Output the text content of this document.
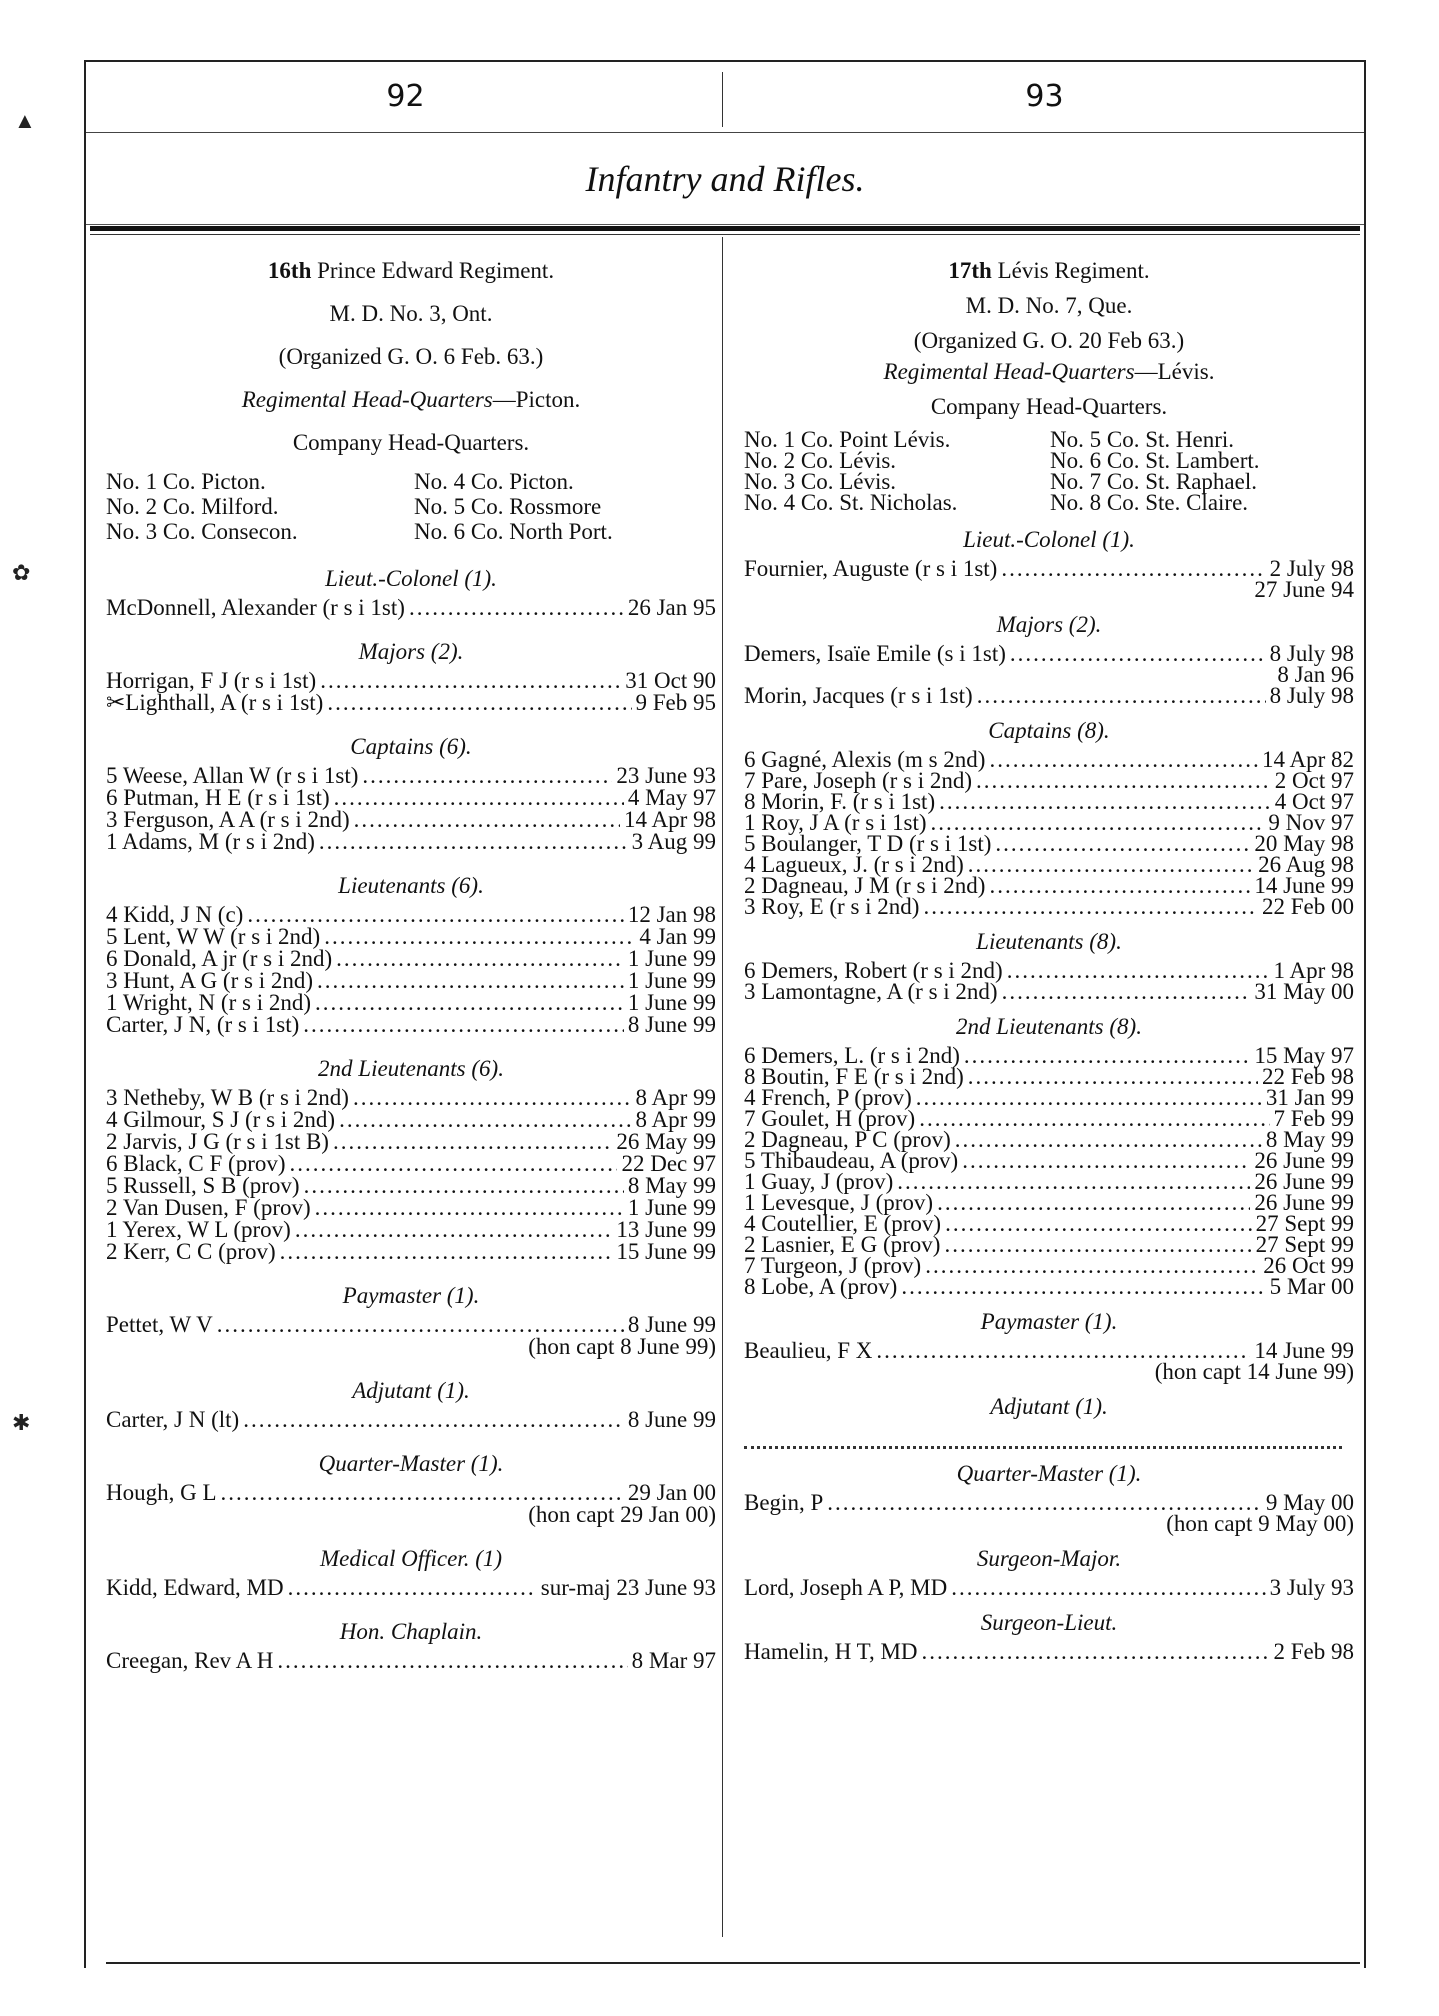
92	93
Infantry and Rifles.
16th Prince Edward Regiment.
M. D. No. 3, Ont.
(Organized G. O. 6 Feb. 63.)
Regimental Head-Quarters—Picton.
Company Head-Quarters.
No. 1 Co. Picton.	No. 4 Co. Picton.
No. 2 Co. Milford.	No. 5 Co. Rossmore
No. 3 Co. Consecon.	No. 6 Co. North Port.
Lieut.-Colonel (1).
McDonnell, Alexander (r s i 1st) .....	26 Jan 95
Majors (2).
Horrigan, F J (r s i 1st) .....	31 Oct 90
✂Lighthall, A (r s i 1st) .....	9 Feb 95
Captains (6).
5 Weese, Allan W (r s i 1st) .....	23 June 93
6 Putman, H E (r s i 1st) .....	4 May 97
3 Ferguson, A A (r s i 2nd) .....	14 Apr 98
1 Adams, M (r s i 2nd) .....	3 Aug 99
Lieutenants (6).
4 Kidd, J N (c) .....	12 Jan 98
5 Lent, W W (r s i 2nd) .....	4 Jan 99
6 Donald, A jr (r s i 2nd) .....	1 June 99
3 Hunt, A G (r s i 2nd) .....	1 June 99
1 Wright, N (r s i 2nd) .....	1 June 99
Carter, J N, (r s i 1st) .....	8 June 99
2nd Lieutenants (6).
3 Netheby, W B (r s i 2nd) .....	8 Apr 99
4 Gilmour, S J (r s i 2nd) .....	8 Apr 99
2 Jarvis, J G (r s i 1st B) .....	26 May 99
6 Black, C F (prov) .....	22 Dec 97
5 Russell, S B (prov) .....	8 May 99
2 Van Dusen, F (prov) .....	1 June 99
1 Yerex, W L (prov) .....	13 June 99
2 Kerr, C C (prov) .....	15 June 99
Paymaster (1).
Pettet, W V .....	8 June 99
(hon capt 8 June 99)
Adjutant (1).
Carter, J N (lt) .....	8 June 99
Quarter-Master (1).
Hough, G L .....	29 Jan 00
(hon capt 29 Jan 00)
Medical Officer. (1)
Kidd, Edward, MD .....	sur-maj 23 June 93
Hon. Chaplain.
Creegan, Rev A H .....	8 Mar 97
17th Lévis Regiment.
M. D. No. 7, Que.
(Organized G. O. 20 Feb 63.)
Regimental Head-Quarters—Lévis.
Company Head-Quarters.
No. 1 Co. Point Lévis.	No. 5 Co. St. Henri.
No. 2 Co. Lévis.	No. 6 Co. St. Lambert.
No. 3 Co. Lévis.	No. 7 Co. St. Raphael.
No. 4 Co. St. Nicholas.	No. 8 Co. Ste. Claire.
Lieut.-Colonel (1).
Fournier, Auguste (r s i 1st) .....	2 July 98
27 June 94
Majors (2).
Demers, Isaïe Emile (s i 1st) .....	8 July 98
8 Jan 96
Morin, Jacques (r s i 1st) .....	8 July 98
Captains (8).
6 Gagné, Alexis (m s 2nd) .....	14 Apr 82
7 Pare, Joseph (r s i 2nd) .....	2 Oct 97
8 Morin, F. (r s i 1st) .....	4 Oct 97
1 Roy, J A (r s i 1st) .....	9 Nov 97
5 Boulanger, T D (r s i 1st) .....	20 May 98
4 Lagueux, J. (r s i 2nd) .....	26 Aug 98
2 Dagneau, J M (r s i 2nd) .....	14 June 99
3 Roy, E (r s i 2nd) .....	22 Feb 00
Lieutenants (8).
6 Demers, Robert (r s i 2nd) .....	1 Apr 98
3 Lamontagne, A (r s i 2nd) .....	31 May 00
2nd Lieutenants (8).
6 Demers, L. (r s i 2nd) .....	15 May 97
8 Boutin, F E (r s i 2nd) .....	22 Feb 98
4 French, P (prov) .....	31 Jan 99
7 Goulet, H (prov) .....	7 Feb 99
2 Dagneau, P C (prov) .....	8 May 99
5 Thibaudeau, A (prov) .....	26 June 99
1 Guay, J (prov) .....	26 June 99
1 Levesque, J (prov) .....	26 June 99
4 Coutellier, E (prov) .....	27 Sept 99
2 Lasnier, E G (prov) .....	27 Sept 99
7 Turgeon, J (prov) .....	26 Oct 99
8 Lobe, A (prov) .....	5 Mar 00
Paymaster (1).
Beaulieu, F X .....	14 June 99
(hon capt 14 June 99)
Adjutant (1).
Quarter-Master (1).
Begin, P .....	9 May 00
(hon capt 9 May 00)
Surgeon-Major.
Lord, Joseph A P, MD .....	3 July 93
Surgeon-Lieut.
Hamelin, H T, MD .....	2 Feb 98
▲
✿
✱
